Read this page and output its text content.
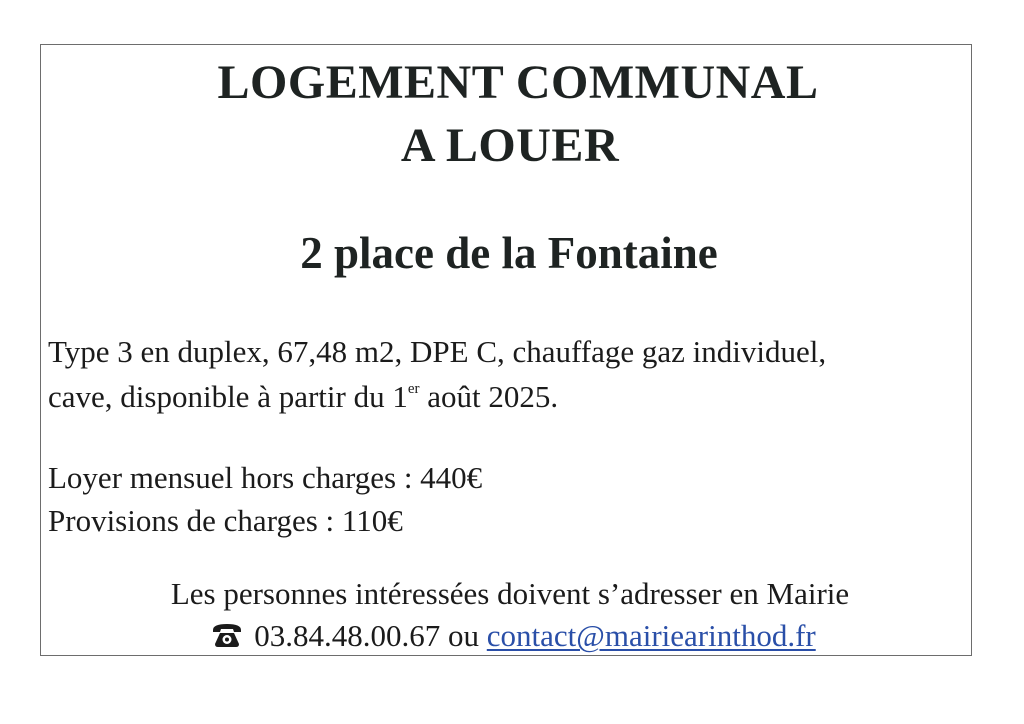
LOGEMENT COMMUNAL
A LOUER
2 place de la Fontaine
Type 3 en duplex, 67,48 m2, DPE C, chauffage gaz individuel,
cave, disponible à partir du 1er août 2025.
Loyer mensuel hors charges : 440€
Provisions de charges : 110€
Les personnes intéressées doivent s’adresser en Mairie
03.84.48.00.67 ou contact@mairiearinthod.fr
